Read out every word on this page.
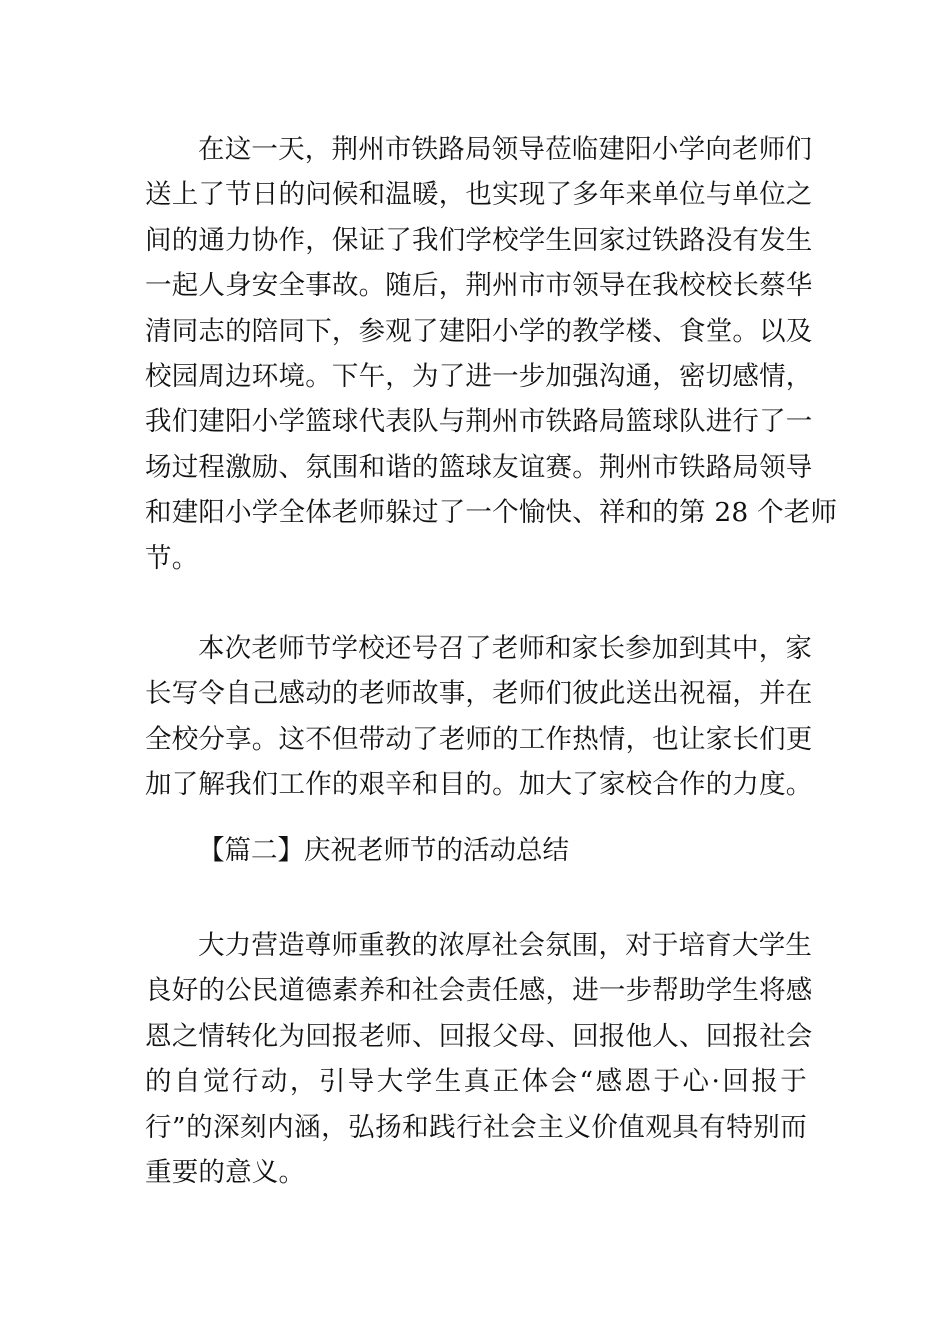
在这一天，荆州市铁路局领导莅临建阳小学向老师们
送上了节日的问候和温暖，也实现了多年来单位与单位之
间的通力协作，保证了我们学校学生回家过铁路没有发生
一起人身安全事故。随后，荆州市市领导在我校校长蔡华
清同志的陪同下，参观了建阳小学的教学楼、食堂。以及
校园周边环境。下午，为了进一步加强沟通，密切感情，
我们建阳小学篮球代表队与荆州市铁路局篮球队进行了一
场过程激励、氛围和谐的篮球友谊赛。荆州市铁路局领导
和建阳小学全体老师躲过了一个愉快、祥和的第 28 个老师
节。
本次老师节学校还号召了老师和家长参加到其中，家
长写令自己感动的老师故事，老师们彼此送出祝福，并在
全校分享。这不但带动了老师的工作热情，也让家长们更
加了解我们工作的艰辛和目的。加大了家校合作的力度。

【篇二】庆祝老师节的活动总结

大力营造尊师重教的浓厚社会氛围，对于培育大学生
良好的公民道德素养和社会责任感，进一步帮助学生将感
恩之情转化为回报老师、回报父母、回报他人、回报社会
的自觉行动，引导大学生真正体会“感恩于心·回报于
行”的深刻内涵，弘扬和践行社会主义价值观具有特别而
重要的意义。
